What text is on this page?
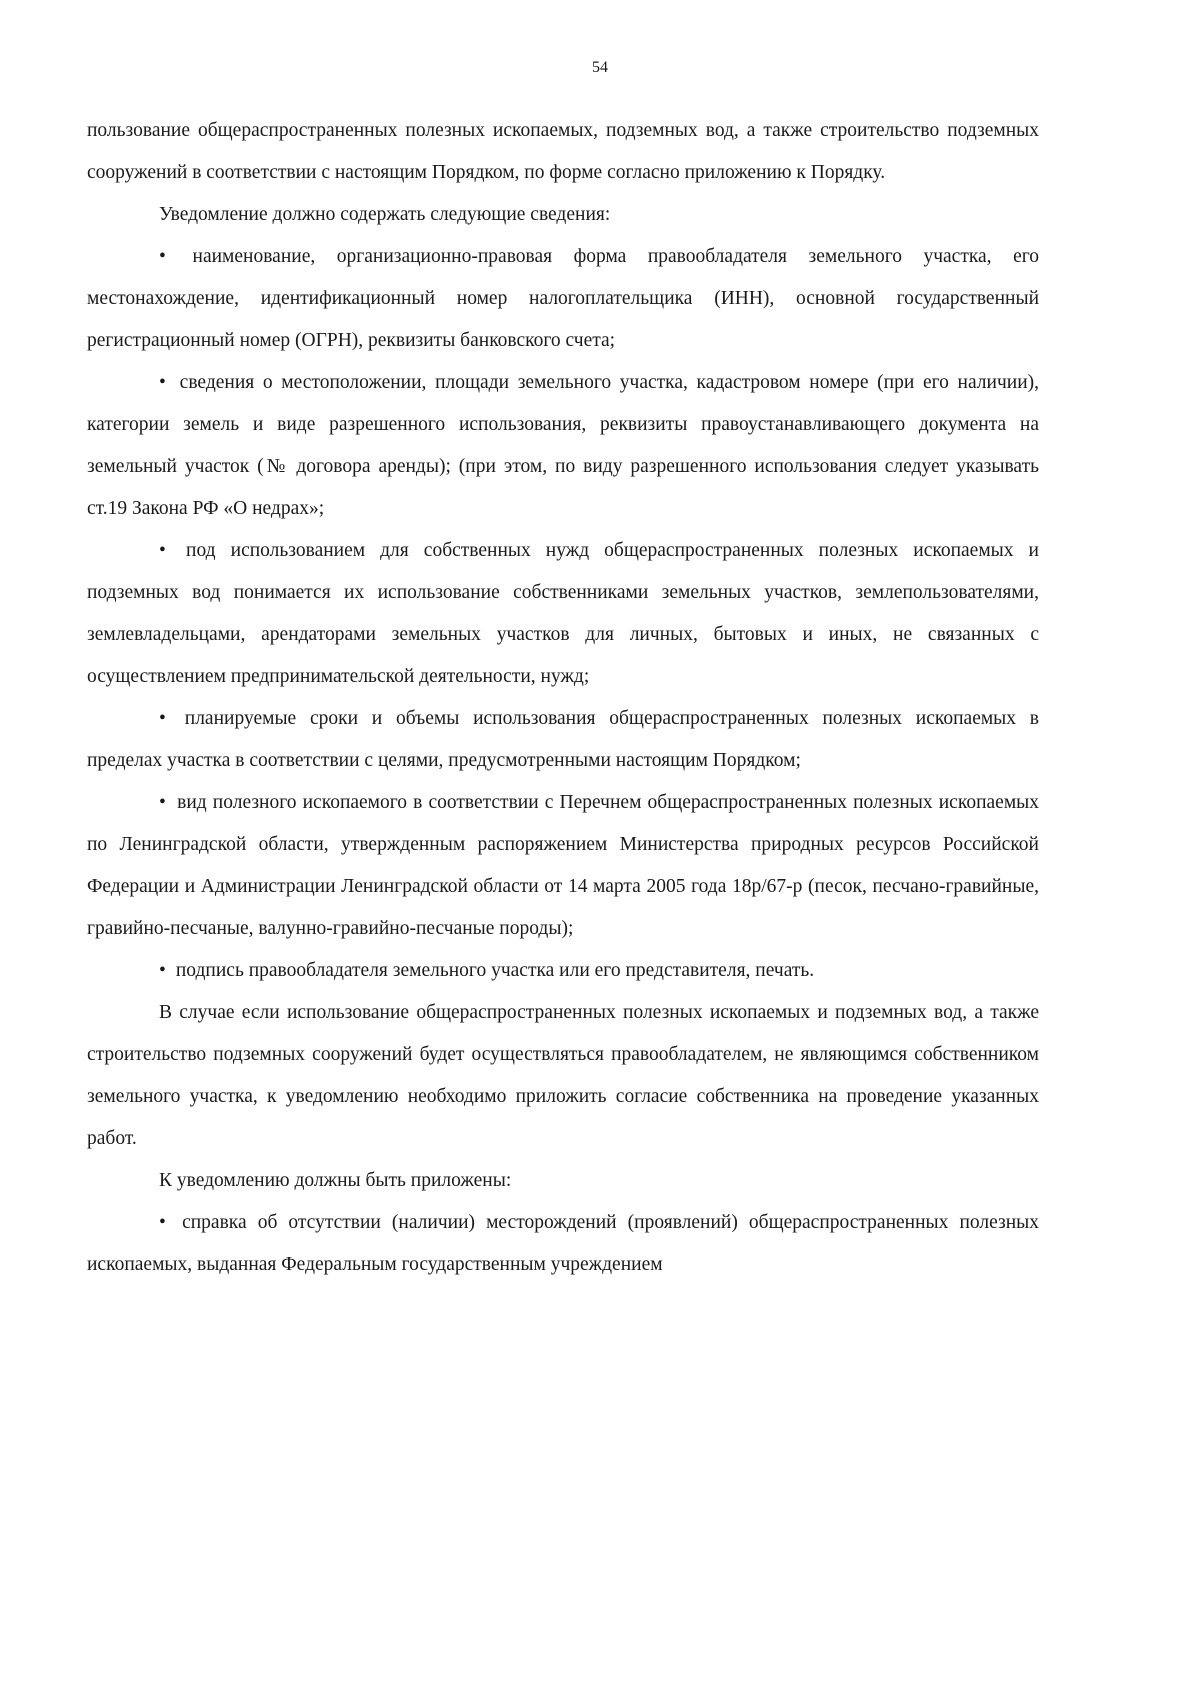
54

пользование общераспространенных полезных ископаемых, подземных вод, а также строительство подземных сооружений в соответствии с настоящим Порядком, по форме согласно приложению к Порядку.

Уведомление должно содержать следующие сведения:

• наименование, организационно-правовая форма правообладателя земельного участка, его местонахождение, идентификационный номер налогоплательщика (ИНН), основной государственный регистрационный номер (ОГРН), реквизиты банковского счета;

• сведения о местоположении, площади земельного участка, кадастровом номере (при его наличии), категории земель и виде разрешенного использования, реквизиты правоустанавливающего документа на земельный участок (№ договора аренды); (при этом, по виду разрешенного использования следует указывать ст.19 Закона РФ «О недрах»;

• под использованием для собственных нужд общераспространенных полезных ископаемых и подземных вод понимается их использование собственниками земельных участков, землепользователями, землевладельцами, арендаторами земельных участков для личных, бытовых и иных, не связанных с осуществлением предпринимательской деятельности, нужд;

• планируемые сроки и объемы использования общераспространенных полезных ископаемых в пределах участка в соответствии с целями, предусмотренными настоящим Порядком;

• вид полезного ископаемого в соответствии с Перечнем общераспространенных полезных ископаемых по Ленинградской области, утвержденным распоряжением Министерства природных ресурсов Российской Федерации и Администрации Ленинградской области от 14 марта 2005 года 18р/67-р (песок, песчано-гравийные, гравийно-песчаные, валунно-гравийно-песчаные породы);

• подпись правообладателя земельного участка или его представителя, печать.

В случае если использование общераспространенных полезных ископаемых и подземных вод, а также строительство подземных сооружений будет осуществляться правообладателем, не являющимся собственником земельного участка, к уведомлению необходимо приложить согласие собственника на проведение указанных работ.

К уведомлению должны быть приложены:

• справка об отсутствии (наличии) месторождений (проявлений) общераспространенных полезных ископаемых, выданная Федеральным государственным учреждением
